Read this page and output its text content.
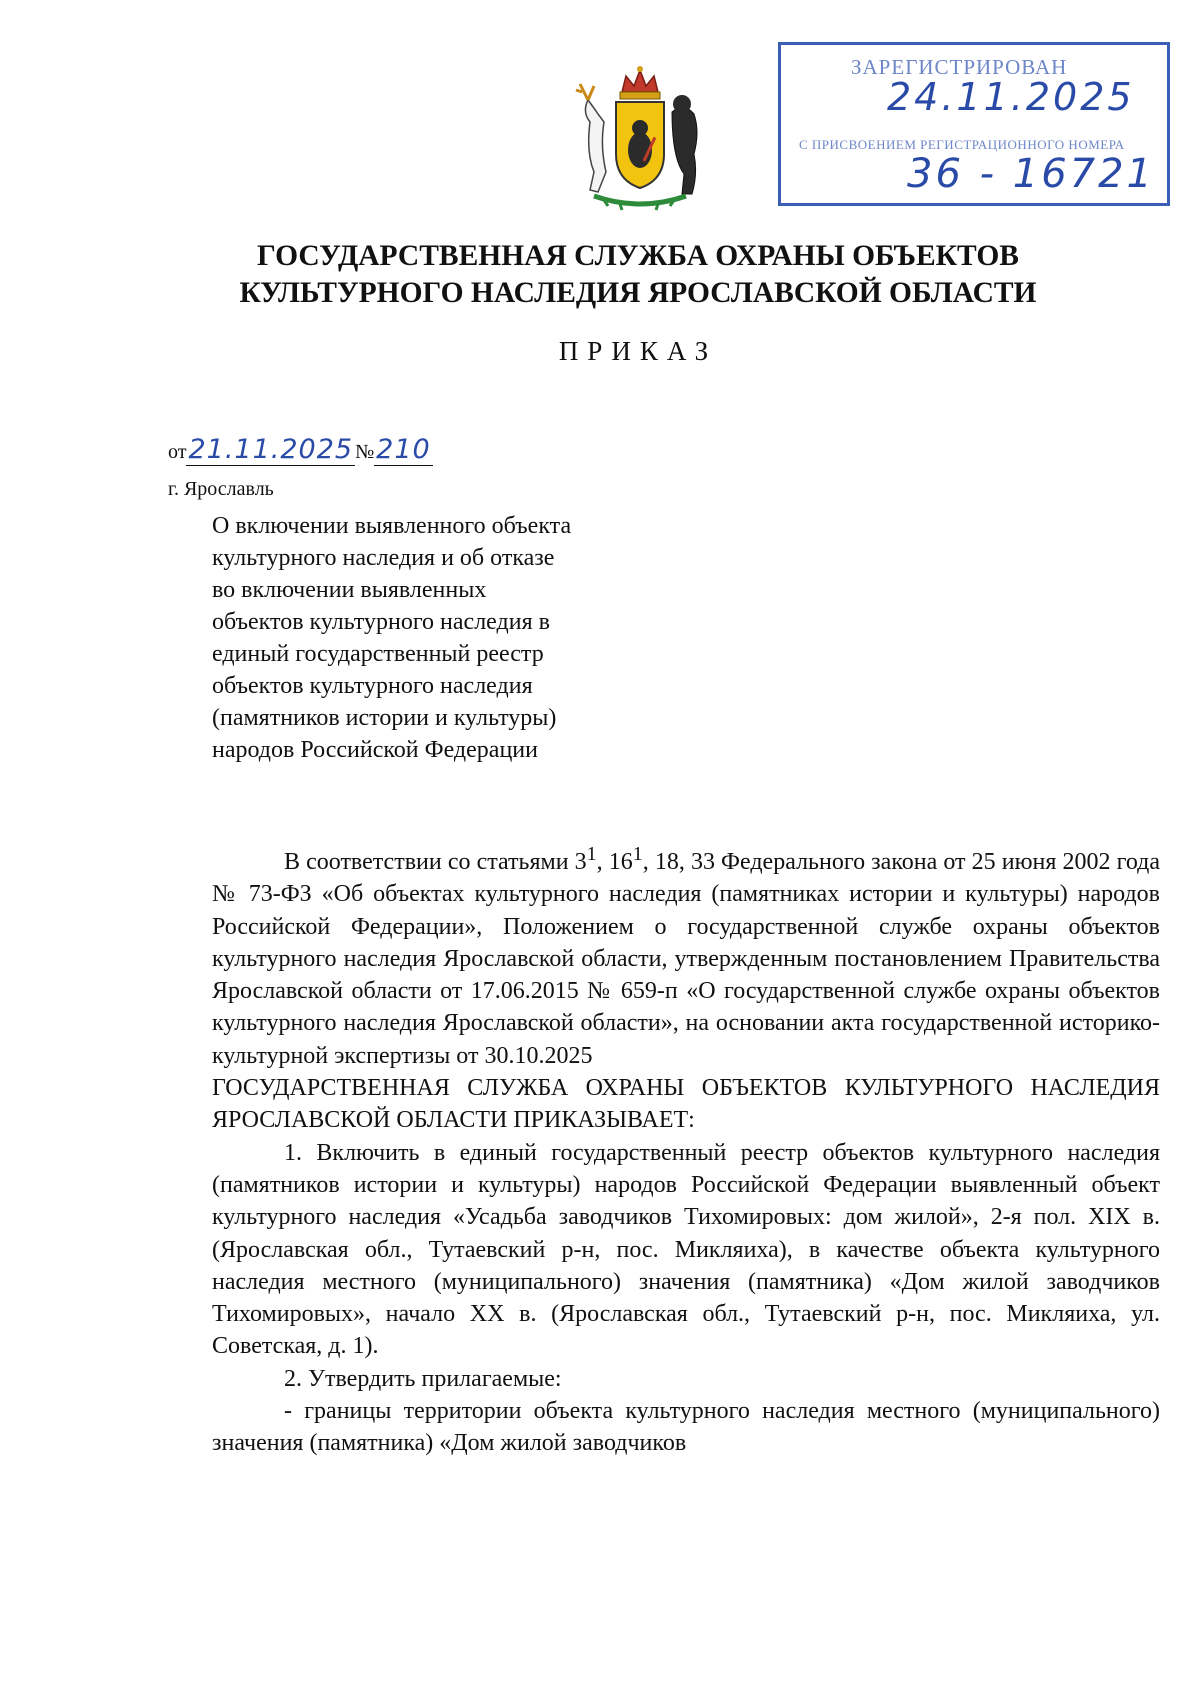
ЗАРЕГИСТРИРОВАН
24.11.2025
С ПРИСВОЕНИЕМ РЕГИСТРАЦИОННОГО НОМЕРА
36 - 16721
ГОСУДАРСТВЕННАЯ СЛУЖБА ОХРАНЫ ОБЪЕКТОВ
КУЛЬТУРНОГО НАСЛЕДИЯ ЯРОСЛАВСКОЙ ОБЛАСТИ
ПРИКАЗ
от21.11.2025 №210
г. Ярославль
О включении выявленного объекта
культурного наследия и об отказе
во включении выявленных
объектов культурного наследия в
единый государственный реестр
объектов культурного наследия
(памятников истории и культуры)
народов Российской Федерации

В соответствии со статьями $3^1$, $16^1$, 18, 33 Федерального закона от 25 июня 2002 года № 73-ФЗ «Об объектах культурного наследия (памятниках истории и культуры) народов Российской Федерации», Положением о государственной службе охраны объектов культурного наследия Ярославской области, утвержденным постановлением Правительства Ярославской области от 17.06.2015 № 659-п «О государственной службе охраны объектов культурного наследия Ярославской области», на основании акта государственной историко-культурной экспертизы от 30.10.2025

ГОСУДАРСТВЕННАЯ СЛУЖБА ОХРАНЫ ОБЪЕКТОВ КУЛЬТУРНОГО НАСЛЕДИЯ ЯРОСЛАВСКОЙ ОБЛАСТИ ПРИКАЗЫВАЕТ:

1. Включить в единый государственный реестр объектов культурного наследия (памятников истории и культуры) народов Российской Федерации выявленный объект культурного наследия «Усадьба заводчиков Тихомировых: дом жилой», 2-я пол. XIX в. (Ярославская обл., Тутаевский р-н, пос. Микляиха), в качестве объекта культурного наследия местного (муниципального) значения (памятника) «Дом жилой заводчиков Тихомировых», начало XX в. (Ярославская обл., Тутаевский р-н, пос. Микляиха, ул. Советская, д. 1).

2. Утвердить прилагаемые:

- границы территории объекта культурного наследия местного (муниципального) значения (памятника) «Дом жилой заводчиков
